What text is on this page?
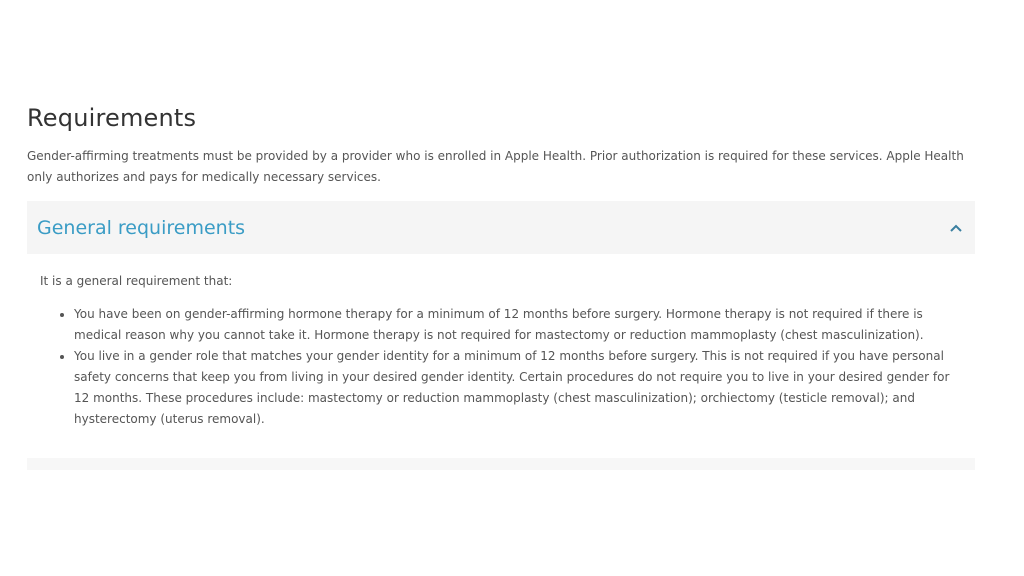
Requirements

Gender-affirming treatments must be provided by a provider who is enrolled in Apple Health. Prior authorization is required for these services. Apple Health only authorizes and pays for medically necessary services.

General requirements

It is a general requirement that:

• You have been on gender-affirming hormone therapy for a minimum of 12 months before surgery. Hormone therapy is not required if there is medical reason why you cannot take it. Hormone therapy is not required for mastectomy or reduction mammoplasty (chest masculinization).
• You live in a gender role that matches your gender identity for a minimum of 12 months before surgery. This is not required if you have personal safety concerns that keep you from living in your desired gender identity. Certain procedures do not require you to live in your desired gender for 12 months. These procedures include: mastectomy or reduction mammoplasty (chest masculinization); orchiectomy (testicle removal); and hysterectomy (uterus removal).
